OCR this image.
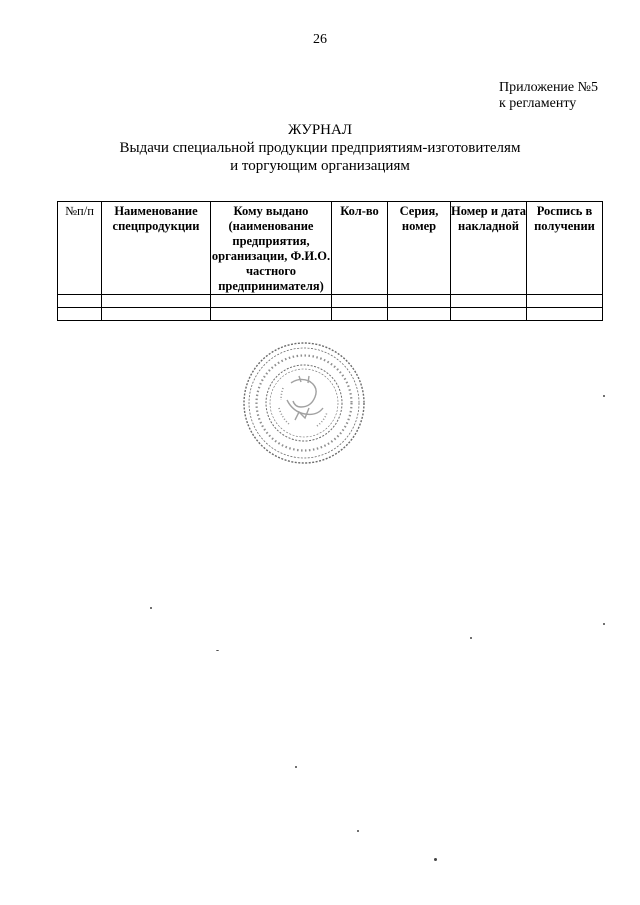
26
Приложение №5
к регламенту
ЖУРНАЛ
Выдачи специальной продукции предприятиям-изготовителям
и торгующим организациям
№п/п	Наименование спецпродукции	Кому выдано (наименование предприятия, организации, Ф.И.О. частного предпринимателя)	Кол-во	Серия, номер	Номер и дата накладной	Роспись в получении
